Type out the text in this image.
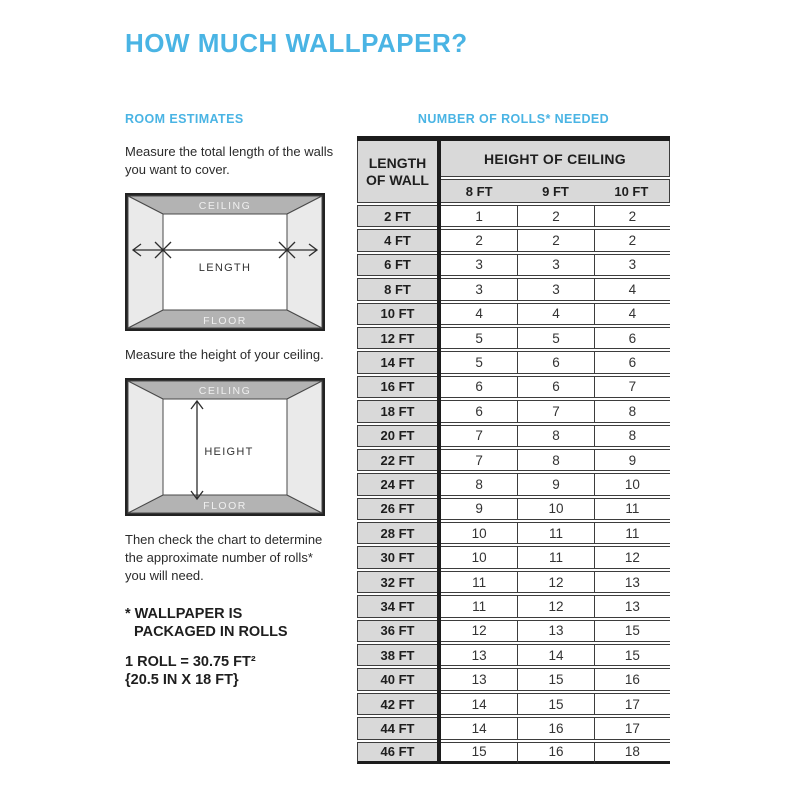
HOW MUCH WALLPAPER?
ROOM ESTIMATES
Measure the total length of the walls you want to cover.
CEILING
FLOOR
LENGTH
Measure the height of your ceiling.
CEILING
FLOOR
HEIGHT
Then check the chart to determine the approximate number of rolls* you will need.
* WALLPAPER IS
PACKAGED IN ROLLS
1 ROLL = 30.75 FT²
{20.5 IN X 18 FT}
NUMBER OF ROLLS* NEEDED
LENGTH OF WALL
HEIGHT OF CEILING
8 FT	9 FT	10 FT
2 FT	1	2	2
4 FT	2	2	2
6 FT	3	3	3
8 FT	3	3	4
10 FT	4	4	4
12 FT	5	5	6
14 FT	5	6	6
16 FT	6	6	7
18 FT	6	7	8
20 FT	7	8	8
22 FT	7	8	9
24 FT	8	9	10
26 FT	9	10	11
28 FT	10	11	11
30 FT	10	11	12
32 FT	11	12	13
34 FT	11	12	13
36 FT	12	13	15
38 FT	13	14	15
40 FT	13	15	16
42 FT	14	15	17
44 FT	14	16	17
46 FT	15	16	18
